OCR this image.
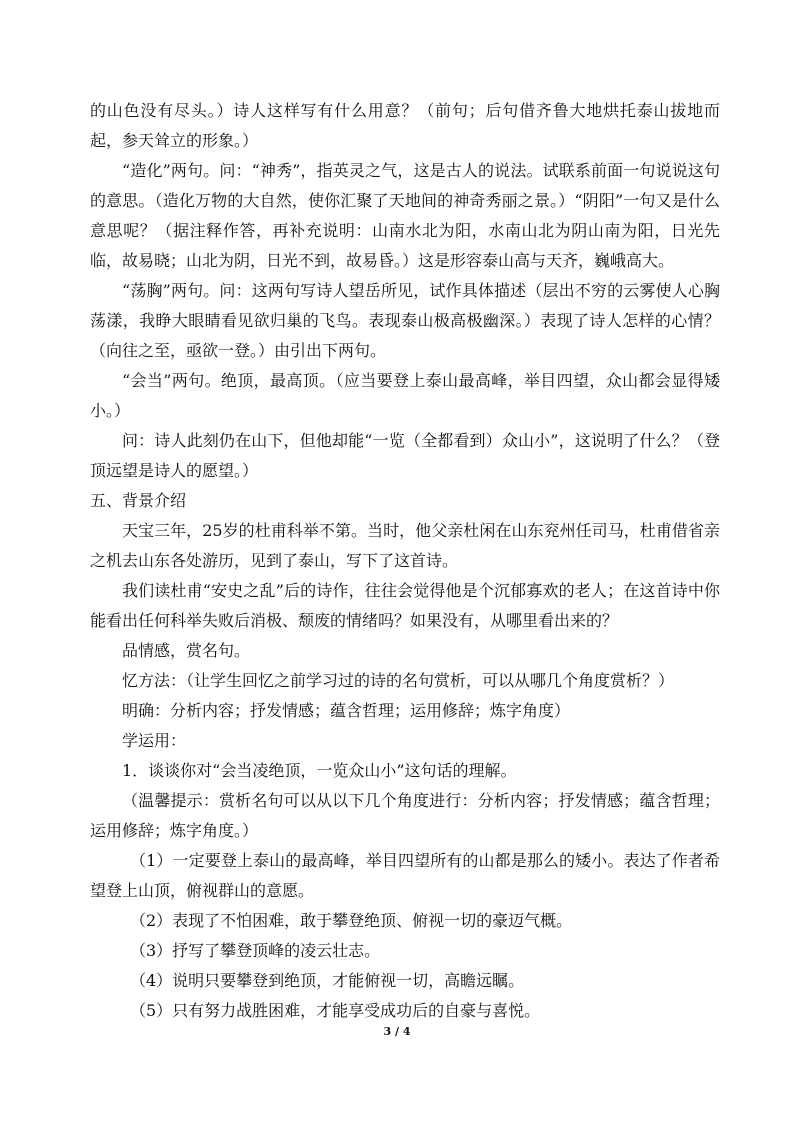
的山色没有尽头。）诗人这样写有什么用意？（前句；后句借齐鲁大地烘托泰山拔地而起，参天耸立的形象。）

“造化”两句。问：“神秀”，指英灵之气，这是古人的说法。试联系前面一句说说这句的意思。（造化万物的大自然，使你汇聚了天地间的神奇秀丽之景。）“阴阳”一句又是什么意思呢？（据注释作答，再补充说明：山南水北为阳，水南山北为阴山南为阳，日光先临，故易晓；山北为阴，日光不到，故易昏。）这是形容泰山高与天齐，巍峨高大。

“荡胸”两句。问：这两句写诗人望岳所见，试作具体描述（层出不穷的云雾使人心胸荡漾，我睁大眼睛看见欲归巢的飞鸟。表现泰山极高极幽深。）表现了诗人怎样的心情？（向往之至，亟欲一登。）由引出下两句。

“会当”两句。绝顶，最高顶。（应当要登上泰山最高峰，举目四望，众山都会显得矮小。）

问：诗人此刻仍在山下，但他却能“一览（全都看到）众山小”，这说明了什么？（登顶远望是诗人的愿望。）

五、背景介绍

天宝三年，25岁的杜甫科举不第。当时，他父亲杜闲在山东兖州任司马，杜甫借省亲之机去山东各处游历，见到了泰山，写下了这首诗。

我们读杜甫“安史之乱”后的诗作，往往会觉得他是个沉郁寡欢的老人；在这首诗中你能看出任何科举失败后消极、颓废的情绪吗？如果没有，从哪里看出来的？

品情感，赏名句。

忆方法：（让学生回忆之前学习过的诗的名句赏析，可以从哪几个角度赏析？）

明确：分析内容；抒发情感；蕴含哲理；运用修辞；炼字角度）

学运用：

1．谈谈你对“会当凌绝顶，一览众山小”这句话的理解。

（温馨提示：赏析名句可以从以下几个角度进行：分析内容；抒发情感；蕴含哲理；运用修辞；炼字角度。）

（1）一定要登上泰山的最高峰，举目四望所有的山都是那么的矮小。表达了作者希望登上山顶，俯视群山的意愿。

（2）表现了不怕困难，敢于攀登绝顶、俯视一切的豪迈气概。

（3）抒写了攀登顶峰的凌云壮志。

（4）说明只要攀登到绝顶，才能俯视一切，高瞻远瞩。

（5）只有努力战胜困难，才能享受成功后的自豪与喜悦。

3 / 4
